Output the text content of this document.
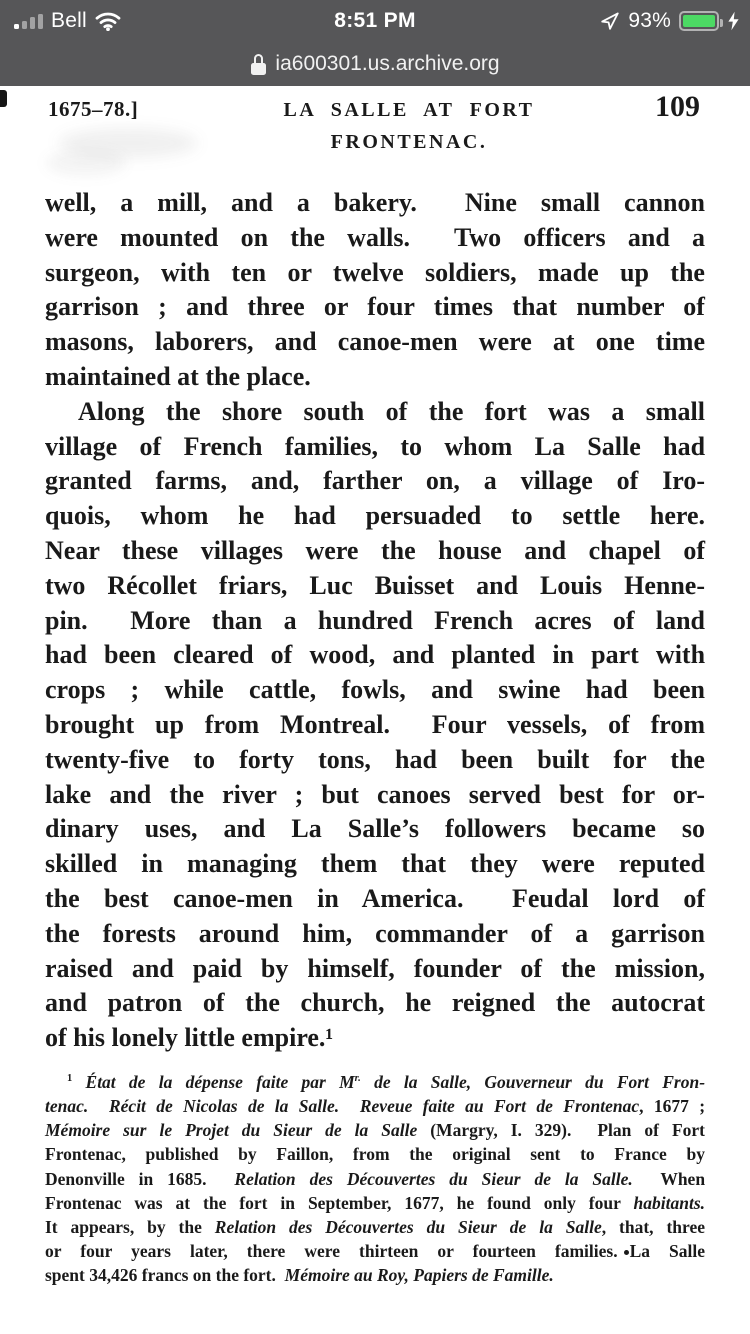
Bell	8:51 PM	93%
ia600301.us.archive.org
1675–78.]	LA SALLE AT FORT FRONTENAC.
109
well, a mill, and a bakery.  Nine small cannon
were mounted on the walls.  Two officers and a
surgeon, with ten or twelve soldiers, made up the
garrison ; and three or four times that number of
masons, laborers, and canoe-men were at one time
maintained at the place.
Along the shore south of the fort was a small
village of French families, to whom La Salle had
granted farms, and, farther on, a village of Iro-
quois, whom he had persuaded to settle here.
Near these villages were the house and chapel of
two Récollet friars, Luc Buisset and Louis Henne-
pin.  More than a hundred French acres of land
had been cleared of wood, and planted in part with
crops ; while cattle, fowls, and swine had been
brought up from Montreal.  Four vessels, of from
twenty-five to forty tons, had been built for the
lake and the river ; but canoes served best for or-
dinary uses, and La Salle’s followers became so
skilled in managing them that they were reputed
the best canoe-men in America.  Feudal lord of
the forests around him, commander of a garrison
raised and paid by himself, founder of the mission,
and patron of the church, he reigned the autocrat
of his lonely little empire.¹
$^1$ État de la dépense faite par $M^{r.}$ de la Salle, Gouverneur du Fort Fron-
tenac. Récit de Nicolas de la Salle. Reveue faite au Fort de Frontenac, 1677 ;
Mémoire sur le Projet du Sieur de la Salle (Margry, I. 329). Plan of Fort
Frontenac, published by Faillon, from the original sent to France by
Denonville in 1685. Relation des Découvertes du Sieur de la Salle.  When
Frontenac was at the fort in September, 1677, he found only four habitants.
It appears, by the Relation des Découvertes du Sieur de la Salle, that, three
or four years later, there were thirteen or fourteen families. La Salle
spent 34,426 francs on the fort. Mémoire au Roy, Papiers de Famille.
